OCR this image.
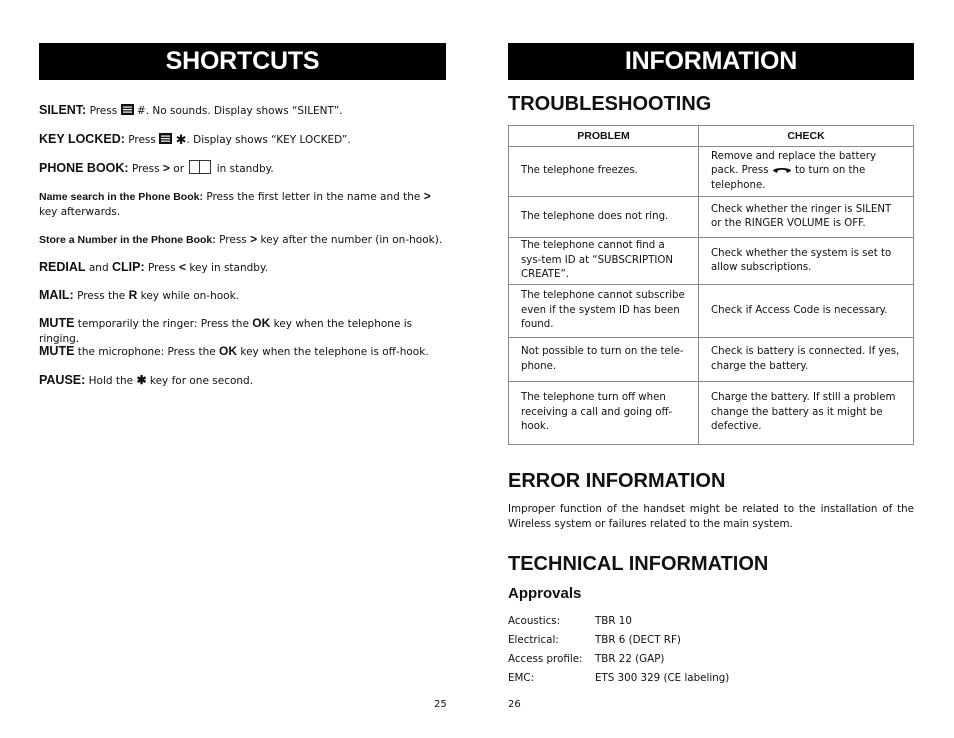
SHORTCUTS
SILENT: Press #. No sounds. Display shows “SILENT”.
KEY LOCKED: Press ✱. Display shows “KEY LOCKED”.
PHONE BOOK: Press > or	in standby.
Name search in the Phone Book: Press the first letter in the name and the > key afterwards.
Store a Number in the Phone Book: Press > key after the number (in on-hook).
REDIAL and CLIP: Press < key in standby.
MAIL: Press the R key while on-hook.
MUTE temporarily the ringer: Press the OK key when the telephone is ringing.
MUTE the microphone: Press the OK key when the telephone is off-hook.
PAUSE: Hold the ✱ key for one second.
25
INFORMATION
TROUBLESHOOTING
PROBLEM	CHECK
The telephone freezes.	Remove and replace the battery pack. Press to turn on the telephone.
The telephone does not ring.	Check whether the ringer is SILENT or the RINGER VOLUME is OFF.
The telephone cannot find a sys-tem ID at “SUBSCRIPTION CREATE”.	Check whether the system is set to allow subscriptions.
The telephone cannot subscribe even if the system ID has been found.	Check if Access Code is necessary.
Not possible to turn on the tele-phone.	Check is battery is connected. If yes, charge the battery.
The telephone turn off when receiving a call and going off-hook.	Charge the battery. If still a problem change the battery as it might be defective.
ERROR INFORMATION
Improper function of the handset might be related to the installation of the Wireless system or failures related to the main system.
TECHNICAL INFORMATION
Approvals
Acoustics:	TBR 10
Electrical:	TBR 6 (DECT RF)
Access profile: TBR 22 (GAP)
EMC:	ETS 300 329 (CE labeling)
26
